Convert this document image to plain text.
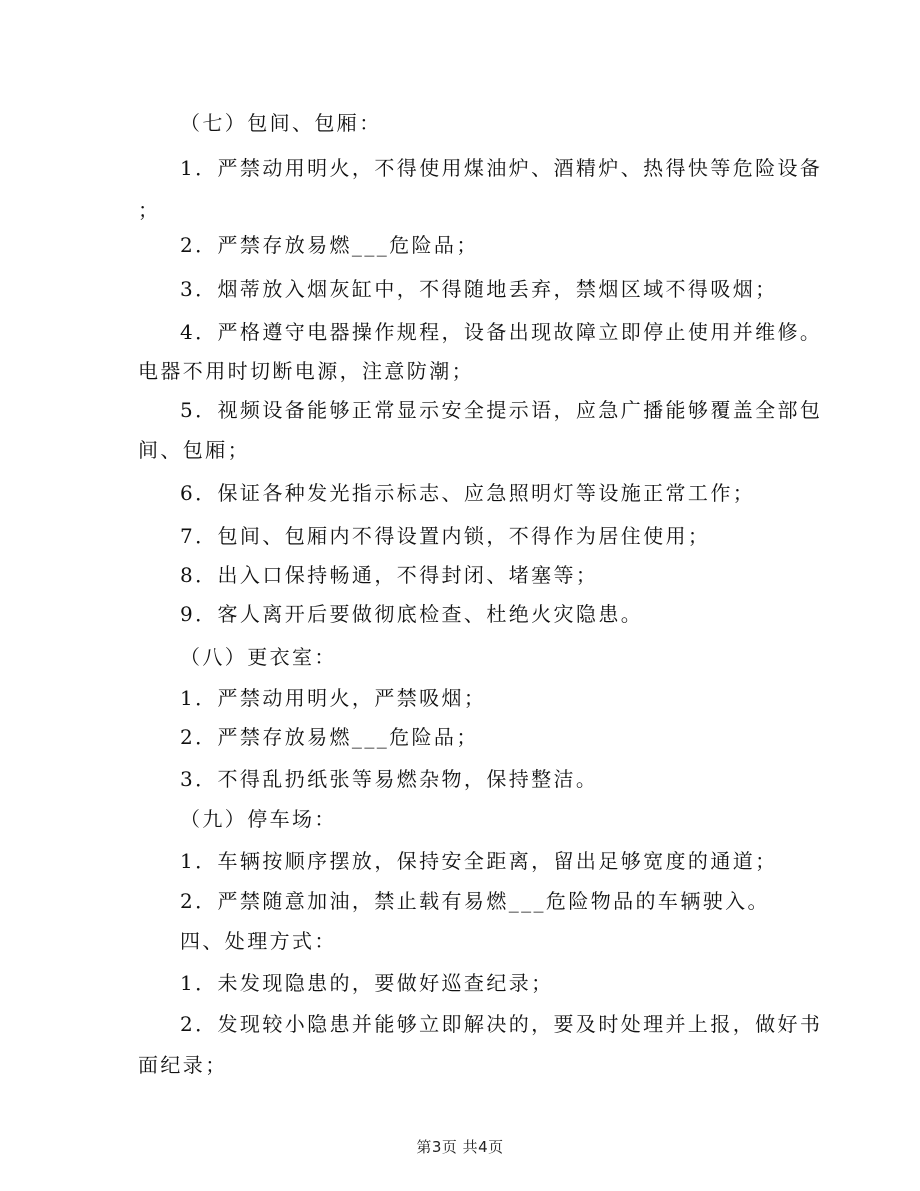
（七）包间、包厢：
1．严禁动用明火，不得使用煤油炉、酒精炉、热得快等危险设备
；
2．严禁存放易燃___危险品；
3．烟蒂放入烟灰缸中，不得随地丢弃，禁烟区域不得吸烟；
4．严格遵守电器操作规程，设备出现故障立即停止使用并维修。
电器不用时切断电源，注意防潮；
5．视频设备能够正常显示安全提示语，应急广播能够覆盖全部包
间、包厢；
6．保证各种发光指示标志、应急照明灯等设施正常工作；
7．包间、包厢内不得设置内锁，不得作为居住使用；
8．出入口保持畅通，不得封闭、堵塞等；
9．客人离开后要做彻底检查、杜绝火灾隐患。
（八）更衣室：
1．严禁动用明火，严禁吸烟；
2．严禁存放易燃___危险品；
3．不得乱扔纸张等易燃杂物，保持整洁。
（九）停车场：
1．车辆按顺序摆放，保持安全距离，留出足够宽度的通道；
2．严禁随意加油，禁止载有易燃___危险物品的车辆驶入。
四、处理方式：
1．未发现隐患的，要做好巡查纪录；
2．发现较小隐患并能够立即解决的，要及时处理并上报，做好书
面纪录；
第3页 共4页
